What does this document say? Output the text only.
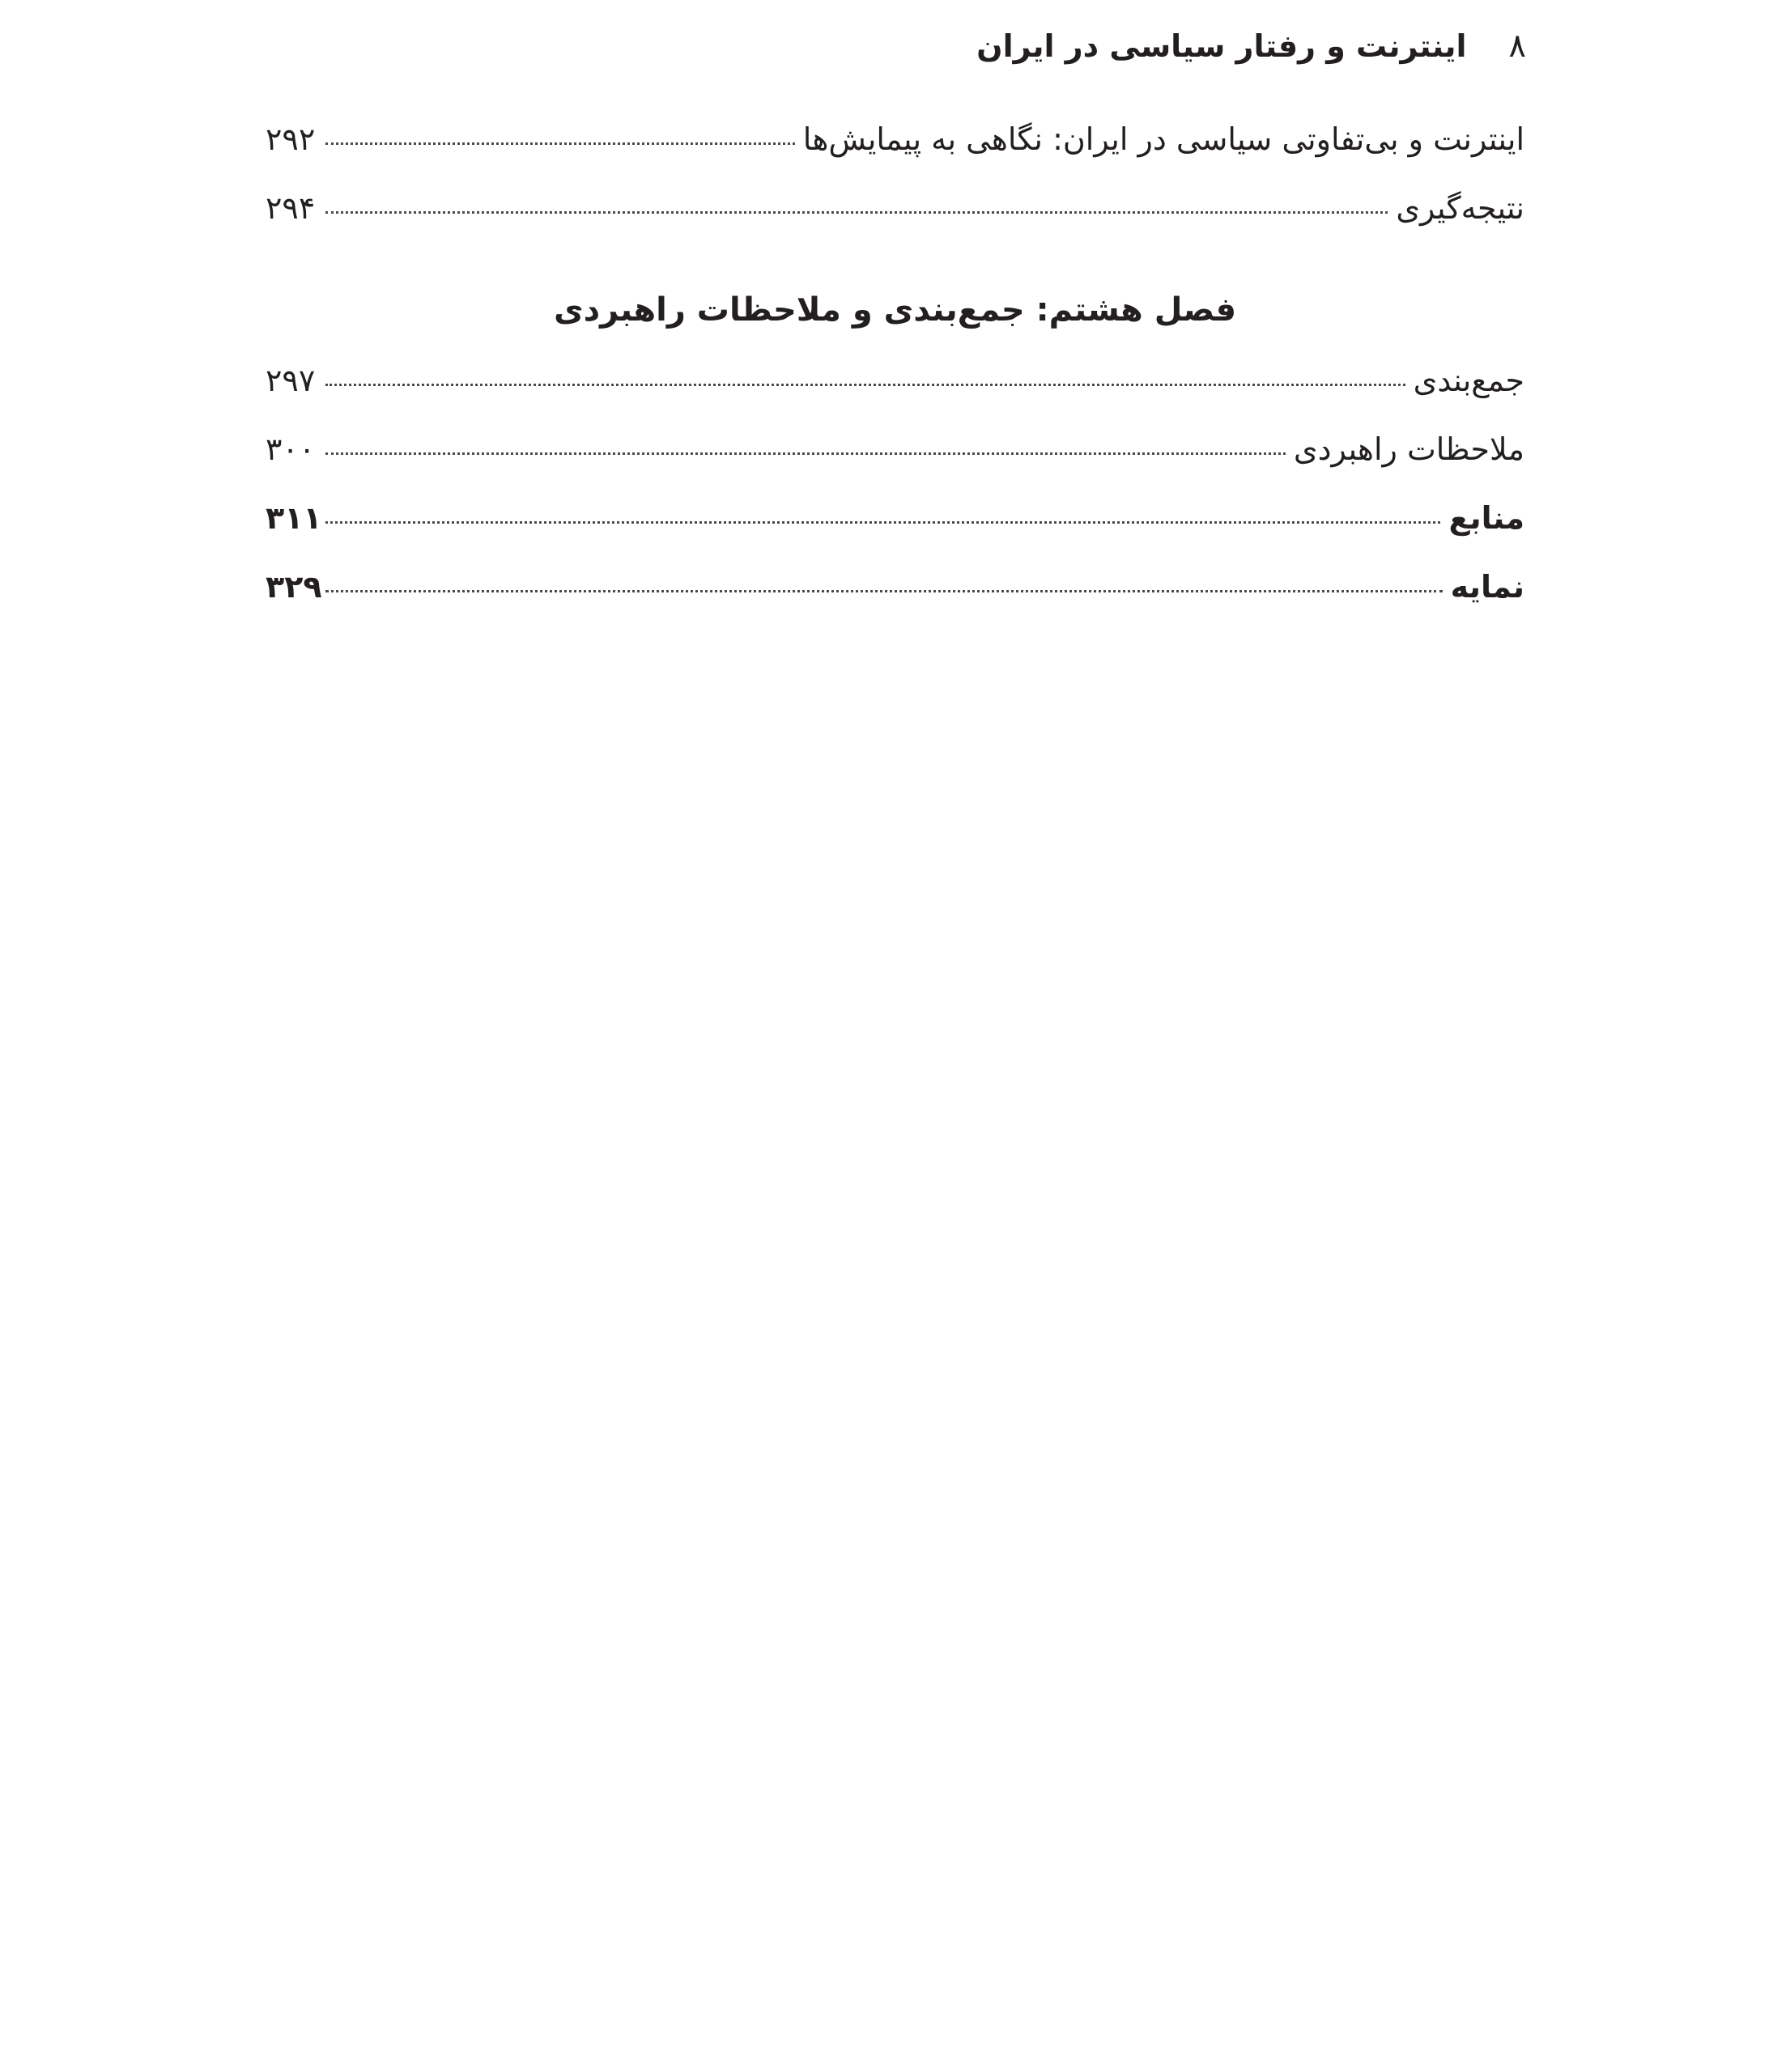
۸
اینترنت و رفتار سیاسی در ایران
اینترنت و بی‌تفاوتی سیاسی در ایران: نگاهی به پیمایش‌ها
۲۹۲
نتیجه‌گیری
۲۹۴
فصل هشتم: جمع‌بندی و ملاحظات راهبردی
جمع‌بندی
۲۹۷
ملاحظات راهبردی
۳۰۰
منابع
۳۱۱
نمایه
۳۲۹
